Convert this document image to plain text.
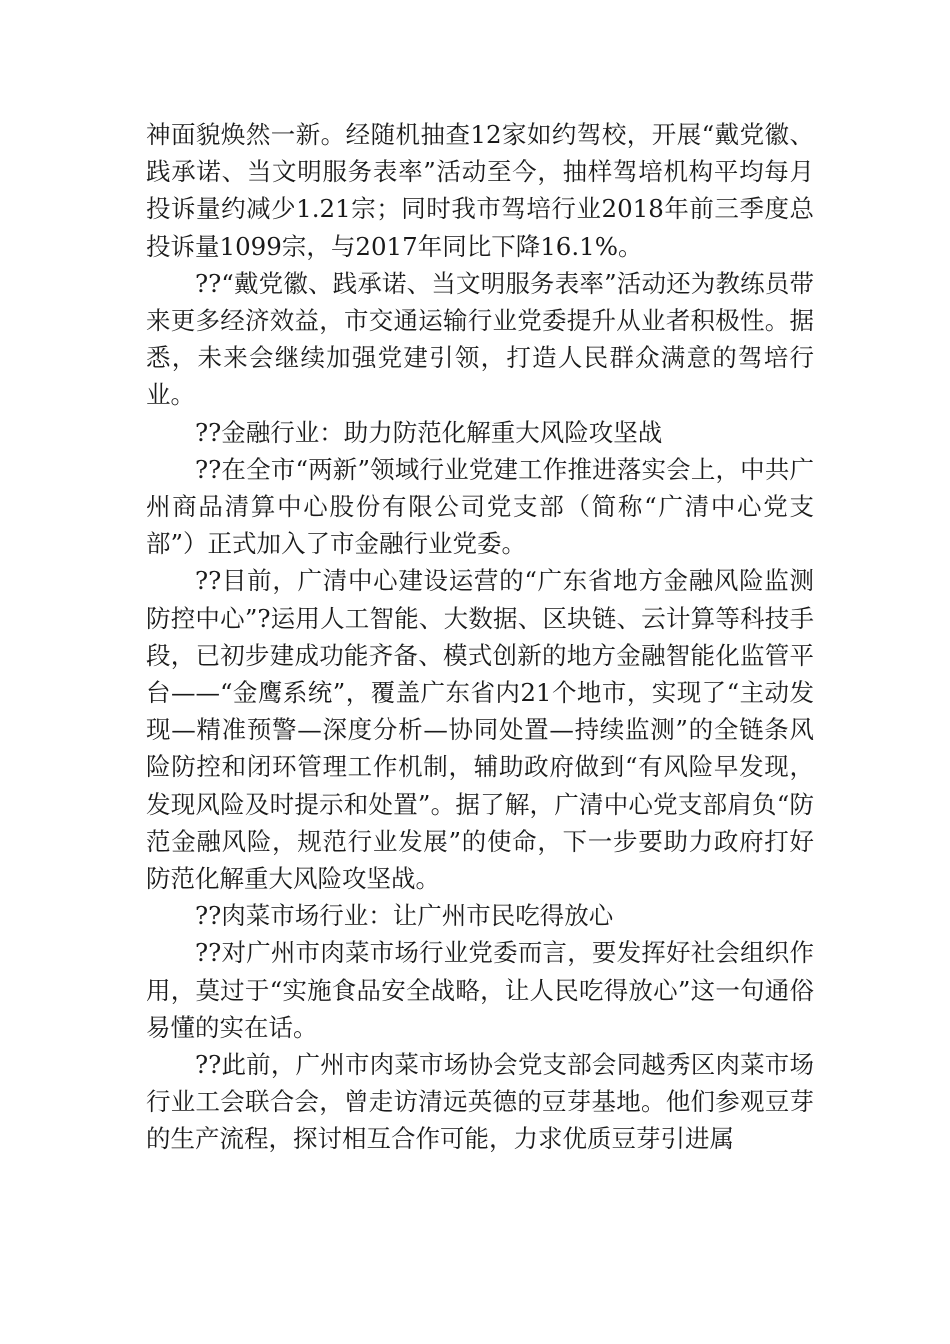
神面貌焕然一新。经随机抽查12家如约驾校，开展“戴党徽、践承诺、当文明服务表率”活动至今，抽样驾培机构平均每月投诉量约减少1.21宗；同时我市驾培行业2018年前三季度总投诉量1099宗，与2017年同比下降16.1%。

??“戴党徽、践承诺、当文明服务表率”活动还为教练员带来更多经济效益，市交通运输行业党委提升从业者积极性。据悉，未来会继续加强党建引领，打造人民群众满意的驾培行业。

??金融行业：助力防范化解重大风险攻坚战

??在全市“两新”领域行业党建工作推进落实会上，中共广州商品清算中心股份有限公司党支部（简称“广清中心党支部”）正式加入了市金融行业党委。

??目前，广清中心建设运营的“广东省地方金融风险监测防控中心”?运用人工智能、大数据、区块链、云计算等科技手段，已初步建成功能齐备、模式创新的地方金融智能化监管平台——“金鹰系统”，覆盖广东省内21个地市，实现了“主动发现—精准预警—深度分析—协同处置—持续监测”的全链条风险防控和闭环管理工作机制，辅助政府做到“有风险早发现，发现风险及时提示和处置”。据了解，广清中心党支部肩负“防范金融风险，规范行业发展”的使命，下一步要助力政府打好防范化解重大风险攻坚战。

??肉菜市场行业：让广州市民吃得放心

??对广州市肉菜市场行业党委而言，要发挥好社会组织作用，莫过于“实施食品安全战略，让人民吃得放心”这一句通俗易懂的实在话。

??此前，广州市肉菜市场协会党支部会同越秀区肉菜市场行业工会联合会，曾走访清远英德的豆芽基地。他们参观豆芽的生产流程，探讨相互合作可能，力求优质豆芽引进属
